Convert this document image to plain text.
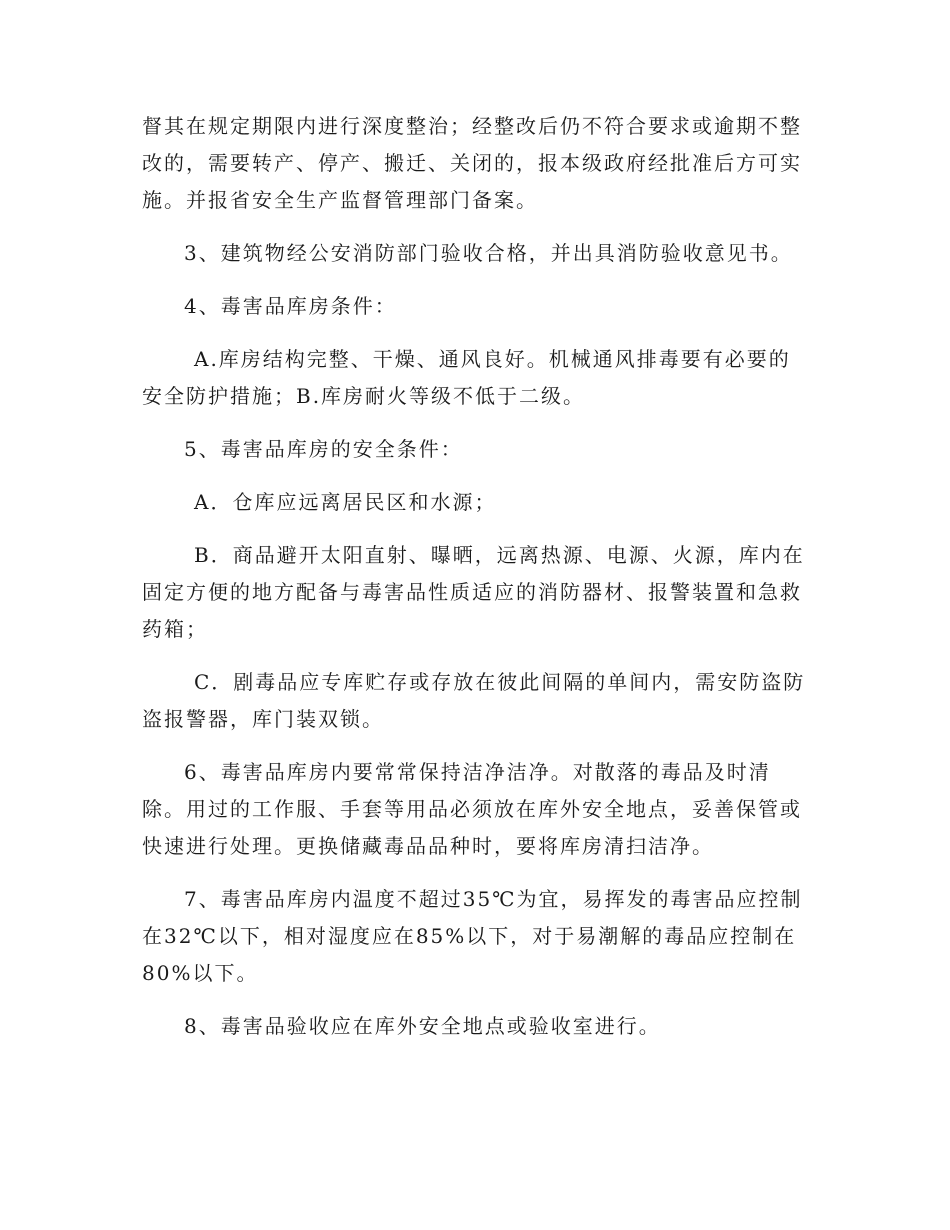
督其在规定期限内进行深度整治；经整改后仍不符合要求或逾期不整改的，需要转产、停产、搬迁、关闭的，报本级政府经批准后方可实施。并报省安全生产监督管理部门备案。

3、建筑物经公安消防部门验收合格，并出具消防验收意见书。

4、毒害品库房条件：

A.库房结构完整、干燥、通风良好。机械通风排毒要有必要的安全防护措施；B.库房耐火等级不低于二级。

5、毒害品库房的安全条件：

A．仓库应远离居民区和水源；

B．商品避开太阳直射、曝晒，远离热源、电源、火源，库内在固定方便的地方配备与毒害品性质适应的消防器材、报警装置和急救药箱；

C．剧毒品应专库贮存或存放在彼此间隔的单间内，需安防盗防盗报警器，库门装双锁。

6、毒害品库房内要常常保持洁净洁净。对散落的毒品及时清除。用过的工作服、手套等用品必须放在库外安全地点，妥善保管或快速进行处理。更换储藏毒品品种时，要将库房清扫洁净。

7、毒害品库房内温度不超过35℃为宜，易挥发的毒害品应控制在32℃以下，相对湿度应在85%以下，对于易潮解的毒品应控制在80%以下。

8、毒害品验收应在库外安全地点或验收室进行。
